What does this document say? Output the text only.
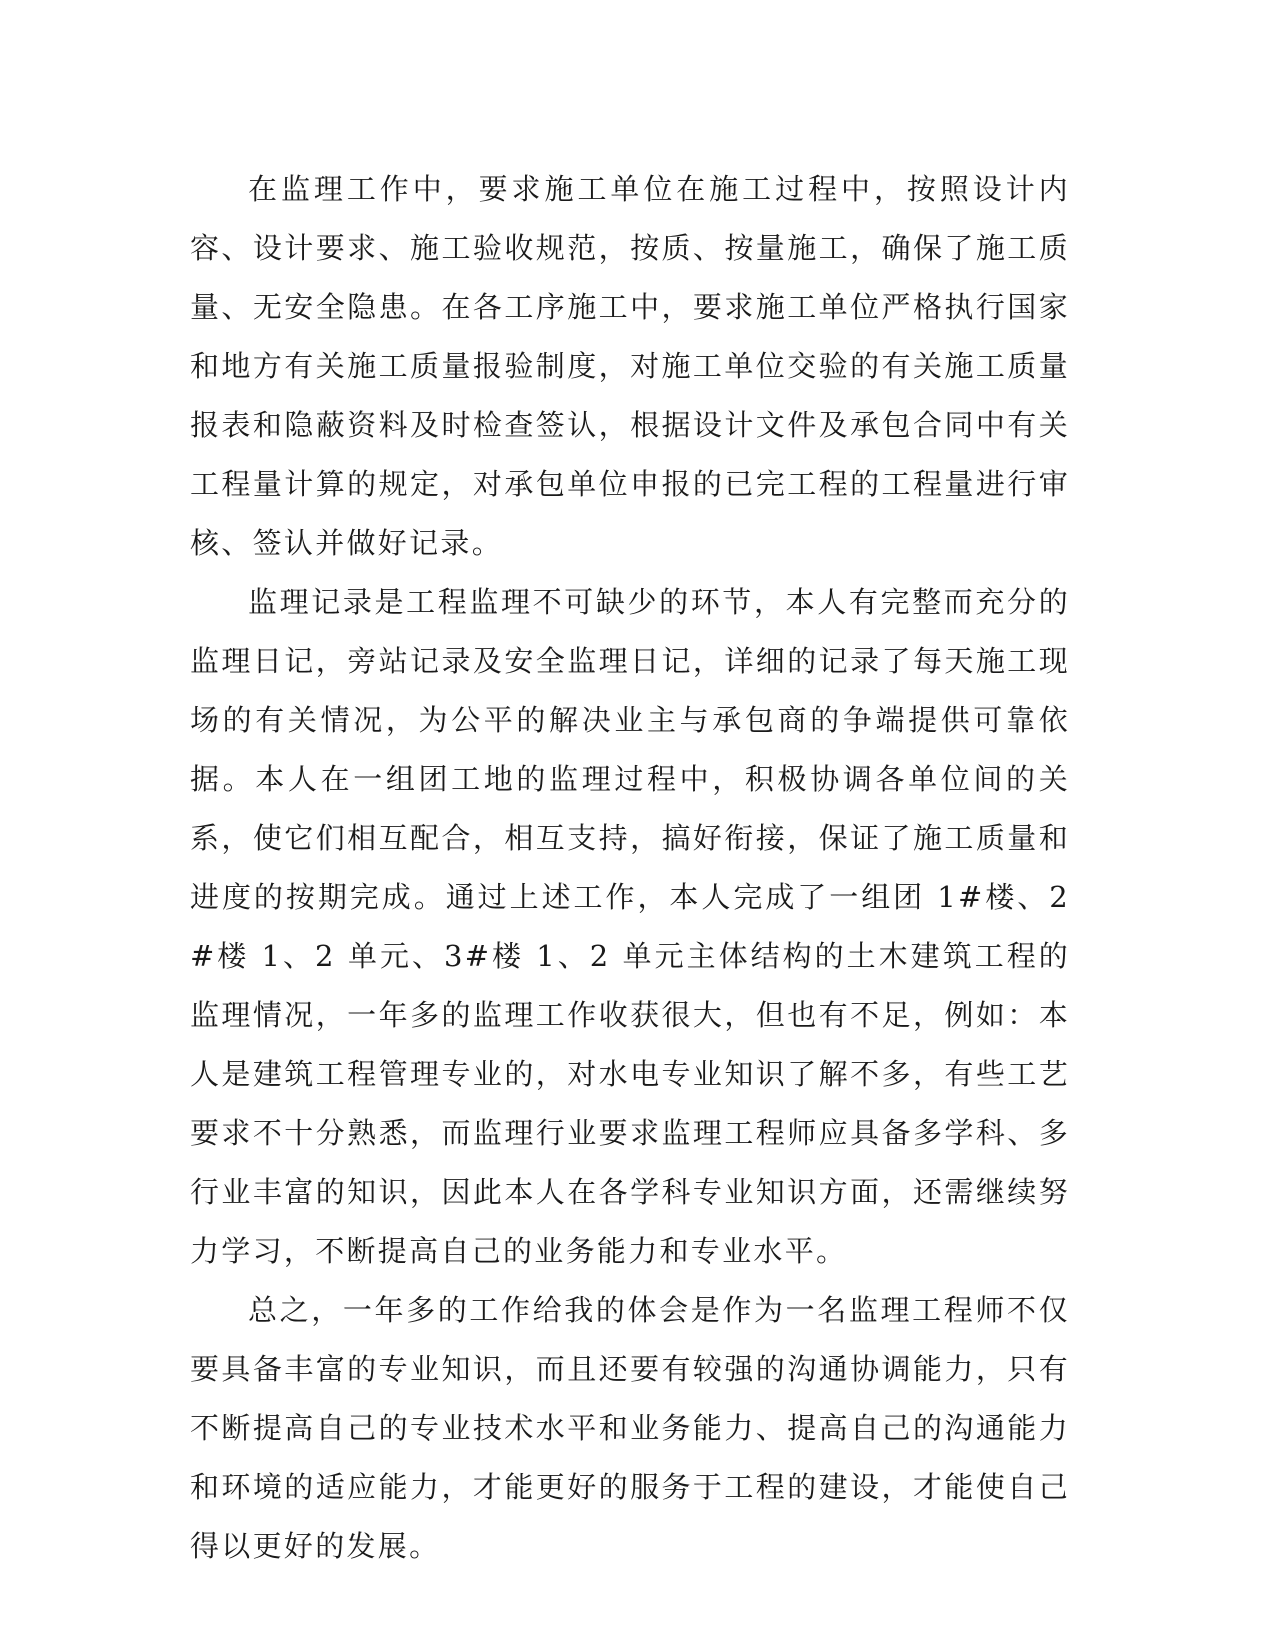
在监理工作中，要求施工单位在施工过程中，按照设计内容、设计要求、施工验收规范，按质、按量施工，确保了施工质量、无安全隐患。在各工序施工中，要求施工单位严格执行国家和地方有关施工质量报验制度，对施工单位交验的有关施工质量报表和隐蔽资料及时检查签认，根据设计文件及承包合同中有关工程量计算的规定，对承包单位申报的已完工程的工程量进行审核、签认并做好记录。

监理记录是工程监理不可缺少的环节，本人有完整而充分的监理日记，旁站记录及安全监理日记，详细的记录了每天施工现场的有关情况，为公平的解决业主与承包商的争端提供可靠依据。本人在一组团工地的监理过程中，积极协调各单位间的关系，使它们相互配合，相互支持，搞好衔接，保证了施工质量和进度的按期完成。通过上述工作，本人完成了一组团 1#楼、2#楼 1、2 单元、3#楼 1、2 单元主体结构的土木建筑工程的监理情况，一年多的监理工作收获很大，但也有不足，例如：本人是建筑工程管理专业的，对水电专业知识了解不多，有些工艺要求不十分熟悉，而监理行业要求监理工程师应具备多学科、多行业丰富的知识，因此本人在各学科专业知识方面，还需继续努力学习，不断提高自己的业务能力和专业水平。

总之，一年多的工作给我的体会是作为一名监理工程师不仅要具备丰富的专业知识，而且还要有较强的沟通协调能力，只有不断提高自己的专业技术水平和业务能力、提高自己的沟通能力和环境的适应能力，才能更好的服务于工程的建设，才能使自己得以更好的发展。
